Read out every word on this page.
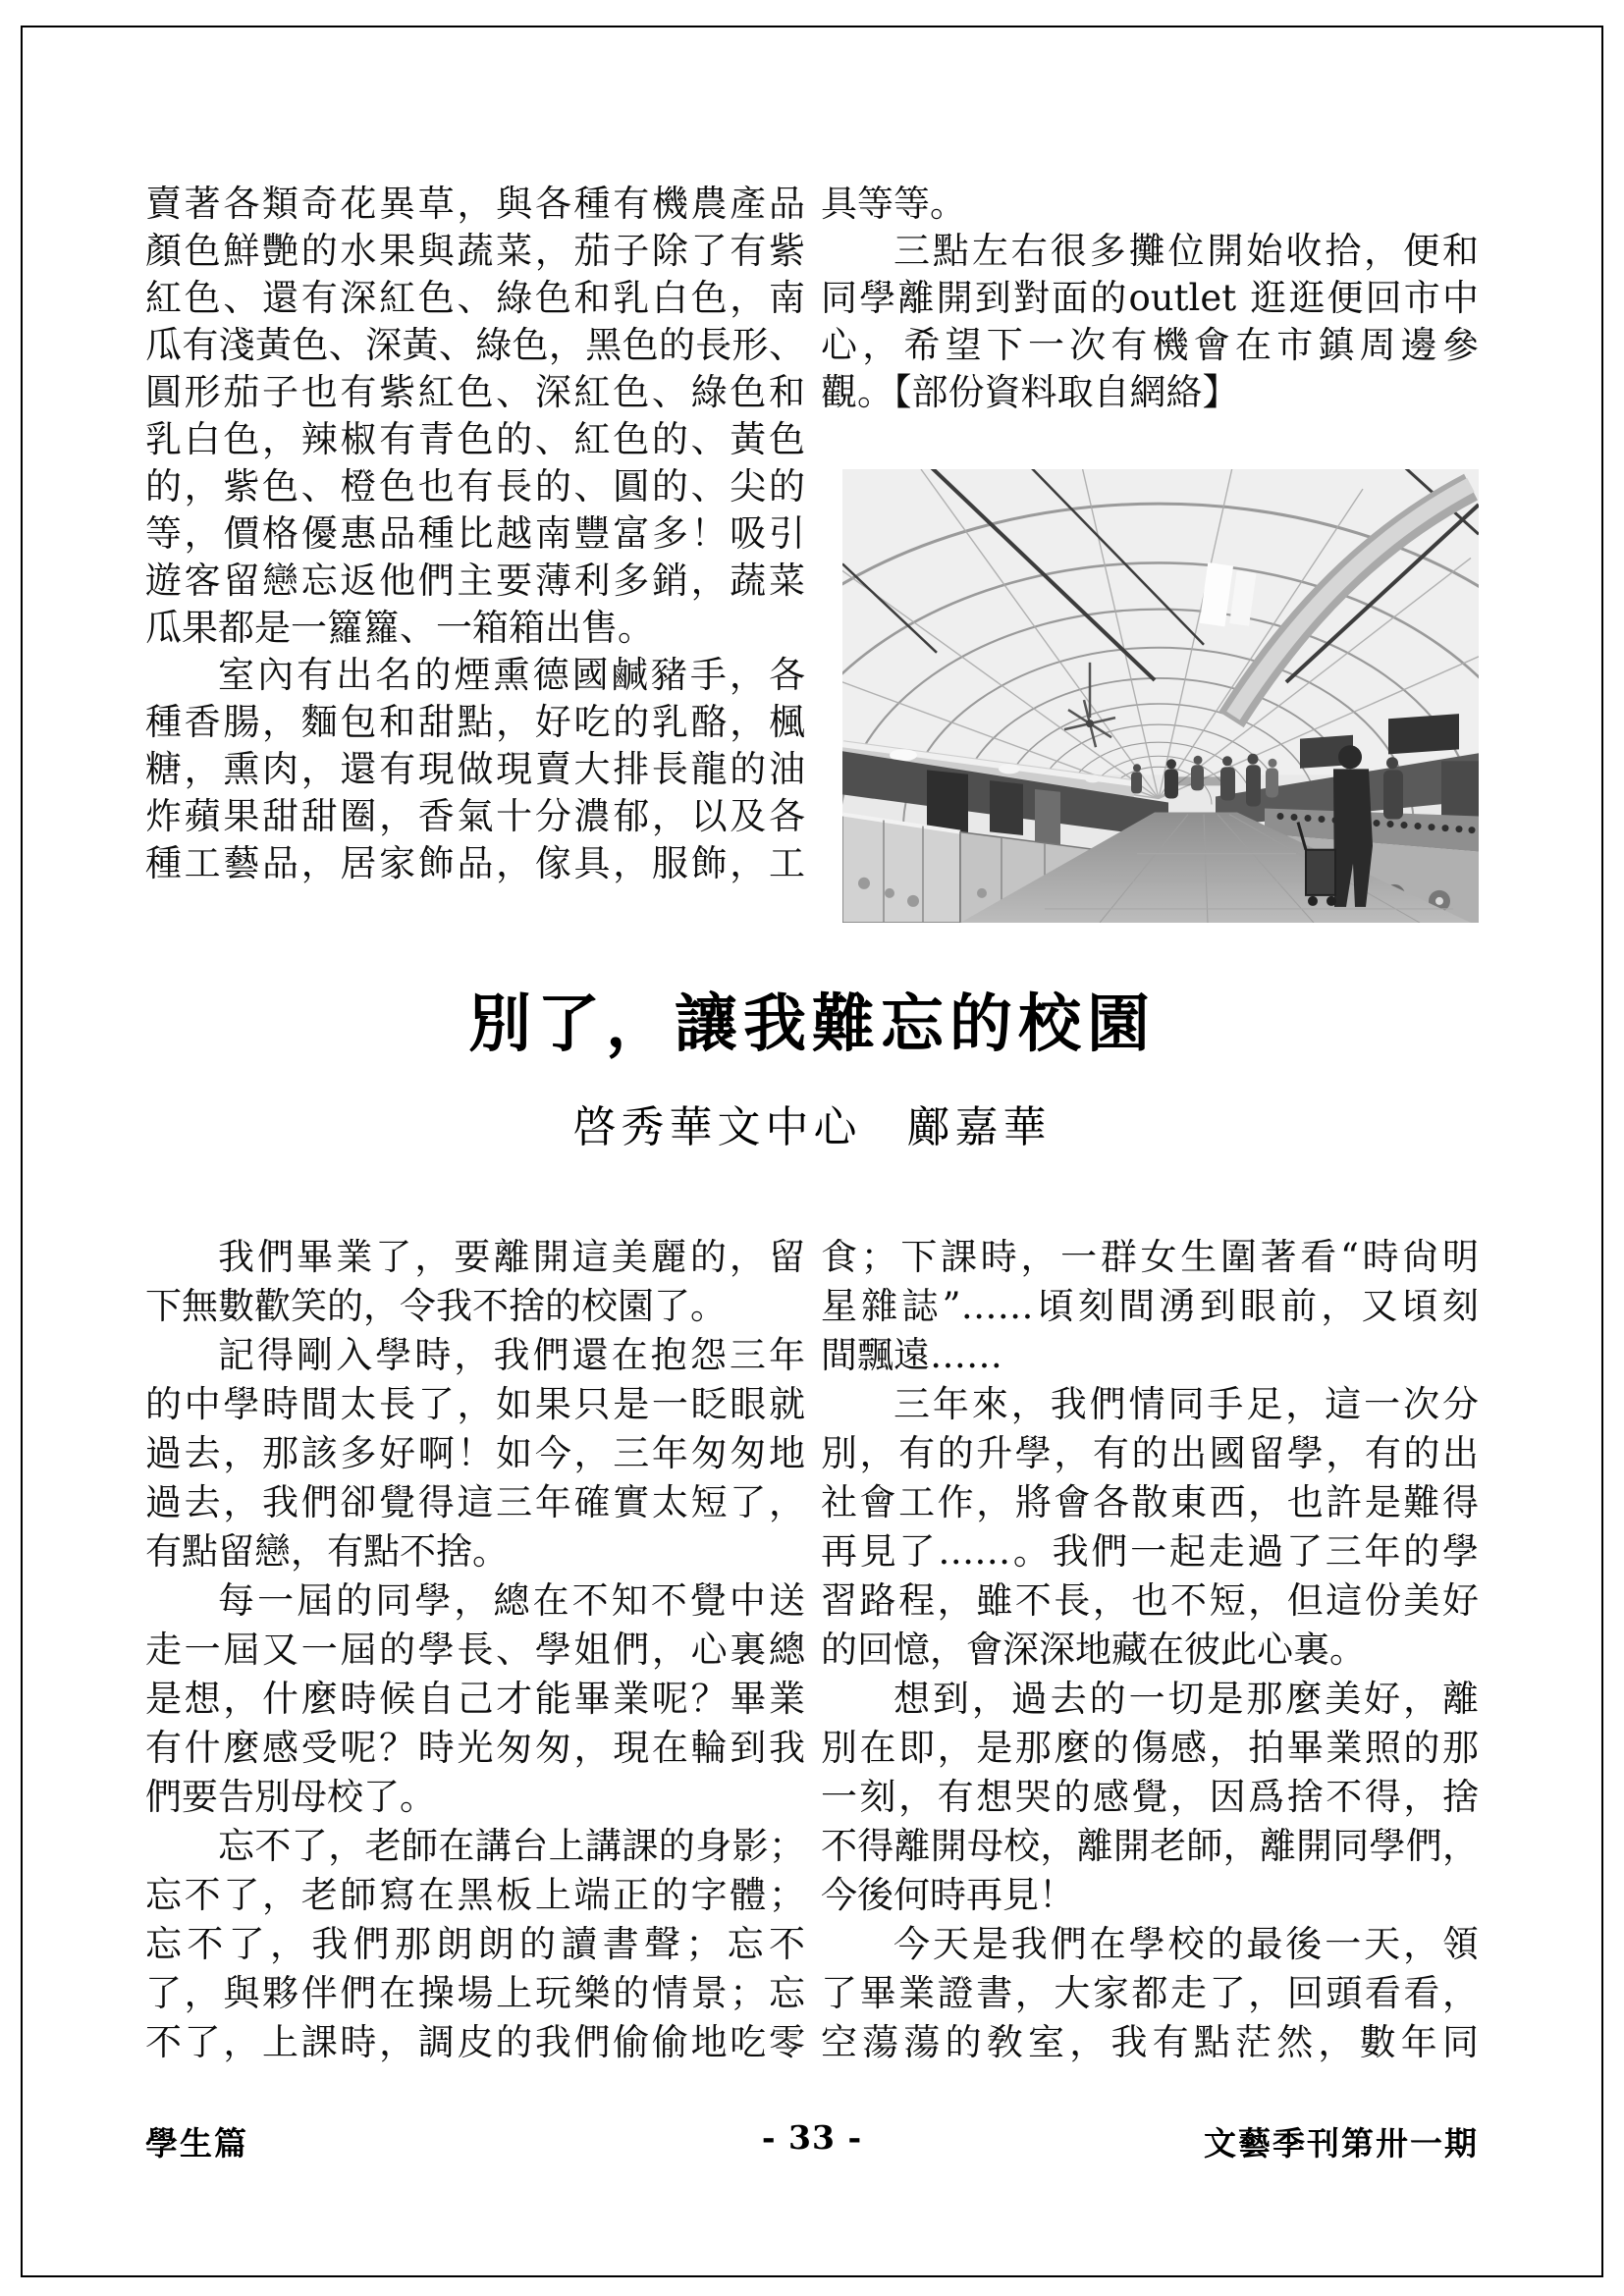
賣著各類奇花異草，與各種有機農產品
顏色鮮艷的水果與蔬菜，茄子除了有紫
紅色、還有深紅色、綠色和乳白色，南
瓜有淺黃色、深黃、綠色，黑色的長形、
圓形茄子也有紫紅色、深紅色、綠色和
乳白色，辣椒有青色的、紅色的、黃色
的，紫色、橙色也有長的、圓的、尖的
等，價格優惠品種比越南豐富多！吸引
遊客留戀忘返他們主要薄利多銷，蔬菜
瓜果都是一籮籮、一箱箱出售。
室內有出名的煙熏德國鹹豬手，各
種香腸，麵包和甜點，好吃的乳酪，楓
糖，熏肉，還有現做現賣大排長龍的油
炸蘋果甜甜圈，香氣十分濃郁，以及各
種工藝品，居家飾品，傢具，服飾，工
具等等。
三點左右很多攤位開始收拾，便和
同學離開到對面的outlet 逛逛便回市中
心，希望下一次有機會在市鎮周邊參
觀。【部份資料取自網絡】
別了，讓我難忘的校園
啓秀華文中心 鄺嘉華
我們畢業了，要離開這美麗的，留
下無數歡笑的，令我不捨的校園了。
記得剛入學時，我們還在抱怨三年
的中學時間太長了，如果只是一眨眼就
過去，那該多好啊！如今，三年匆匆地
過去，我們卻覺得這三年確實太短了，
有點留戀，有點不捨。
每一屆的同學，總在不知不覺中送
走一屆又一屆的學長、學姐們，心裏總
是想，什麼時候自己才能畢業呢？畢業
有什麼感受呢？時光匆匆，現在輪到我
們要告別母校了。
忘不了，老師在講台上講課的身影；
忘不了，老師寫在黑板上端正的字體；
忘不了，我們那朗朗的讀書聲；忘不
了，與夥伴們在操場上玩樂的情景；忘
不了，上課時，調皮的我們偷偷地吃零
食；下課時，一群女生圍著看“時尙明
星雜誌”……頃刻間湧到眼前，又頃刻
間飄遠……
三年來，我們情同手足，這一次分
別，有的升學，有的出國留學，有的出
社會工作，將會各散東西，也許是難得
再見了……。我們一起走過了三年的學
習路程，雖不長，也不短，但這份美好
的回憶，會深深地藏在彼此心裏。
想到，過去的一切是那麼美好，離
別在即，是那麼的傷感，拍畢業照的那
一刻，有想哭的感覺，因爲捨不得，捨
不得離開母校，離開老師，離開同學們，
今後何時再見！
今天是我們在學校的最後一天，領
了畢業證書，大家都走了，回頭看看，
空蕩蕩的敎室，我有點茫然，數年同
學生篇	- 33 -	文藝季刊第卅一期
